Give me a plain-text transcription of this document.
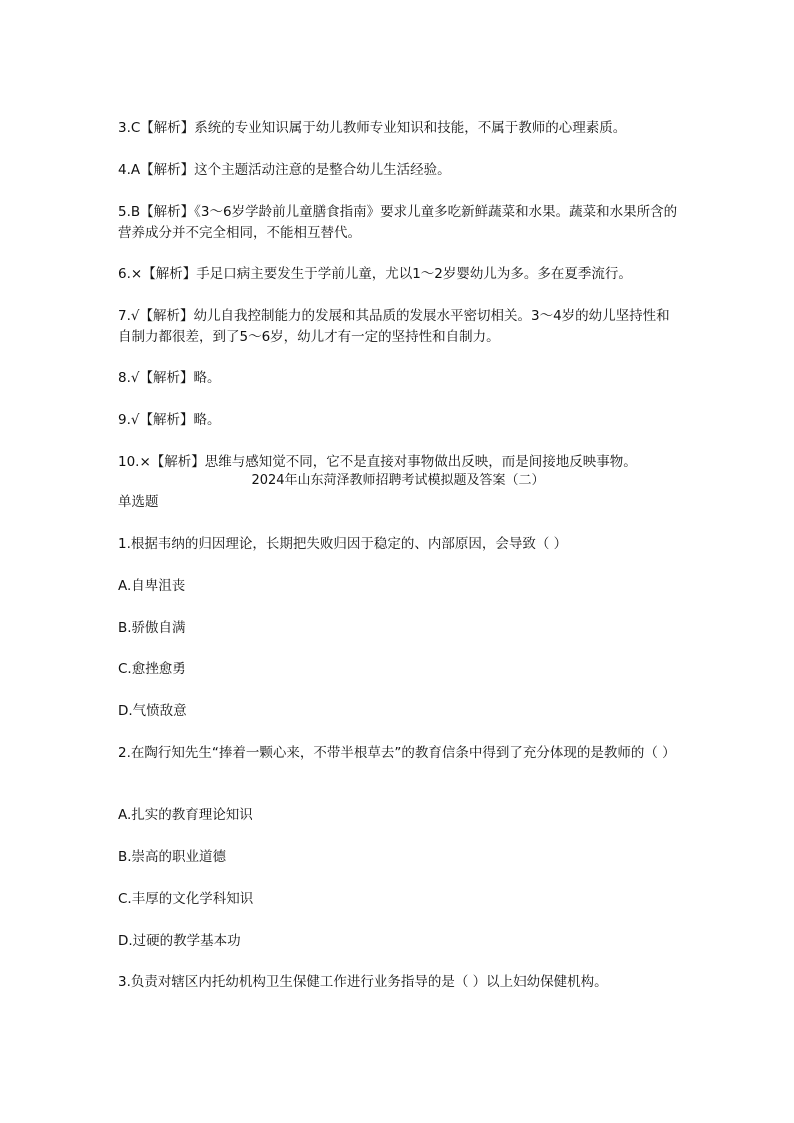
3.C【解析】系统的专业知识属于幼儿教师专业知识和技能，不属于教师的心理素质。
4.A【解析】这个主题活动注意的是整合幼儿生活经验。
5.B【解析】《3～6岁学龄前儿童膳食指南》要求儿童多吃新鲜蔬菜和水果。蔬菜和水果所含的营养成分并不完全相同，不能相互替代。
6.×【解析】手足口病主要发生于学前儿童，尤以1～2岁婴幼儿为多。多在夏季流行。
7.√【解析】幼儿自我控制能力的发展和其品质的发展水平密切相关。3～4岁的幼儿坚持性和自制力都很差，到了5～6岁，幼儿才有一定的坚持性和自制力。
8.√【解析】略。
9.√【解析】略。
10.×【解析】思维与感知觉不同，它不是直接对事物做出反映，而是间接地反映事物。
2024年山东菏泽教师招聘考试模拟题及答案（二）
单选题
1.根据韦纳的归因理论，长期把失败归因于稳定的、内部原因，会导致（ ）
A.自卑沮丧
B.骄傲自满
C.愈挫愈勇
D.气愤敌意
2.在陶行知先生“捧着一颗心来，不带半根草去”的教育信条中得到了充分体现的是教师的（ ）
A.扎实的教育理论知识
B.崇高的职业道德
C.丰厚的文化学科知识
D.过硬的教学基本功
3.负责对辖区内托幼机构卫生保健工作进行业务指导的是（ ）以上妇幼保健机构。
